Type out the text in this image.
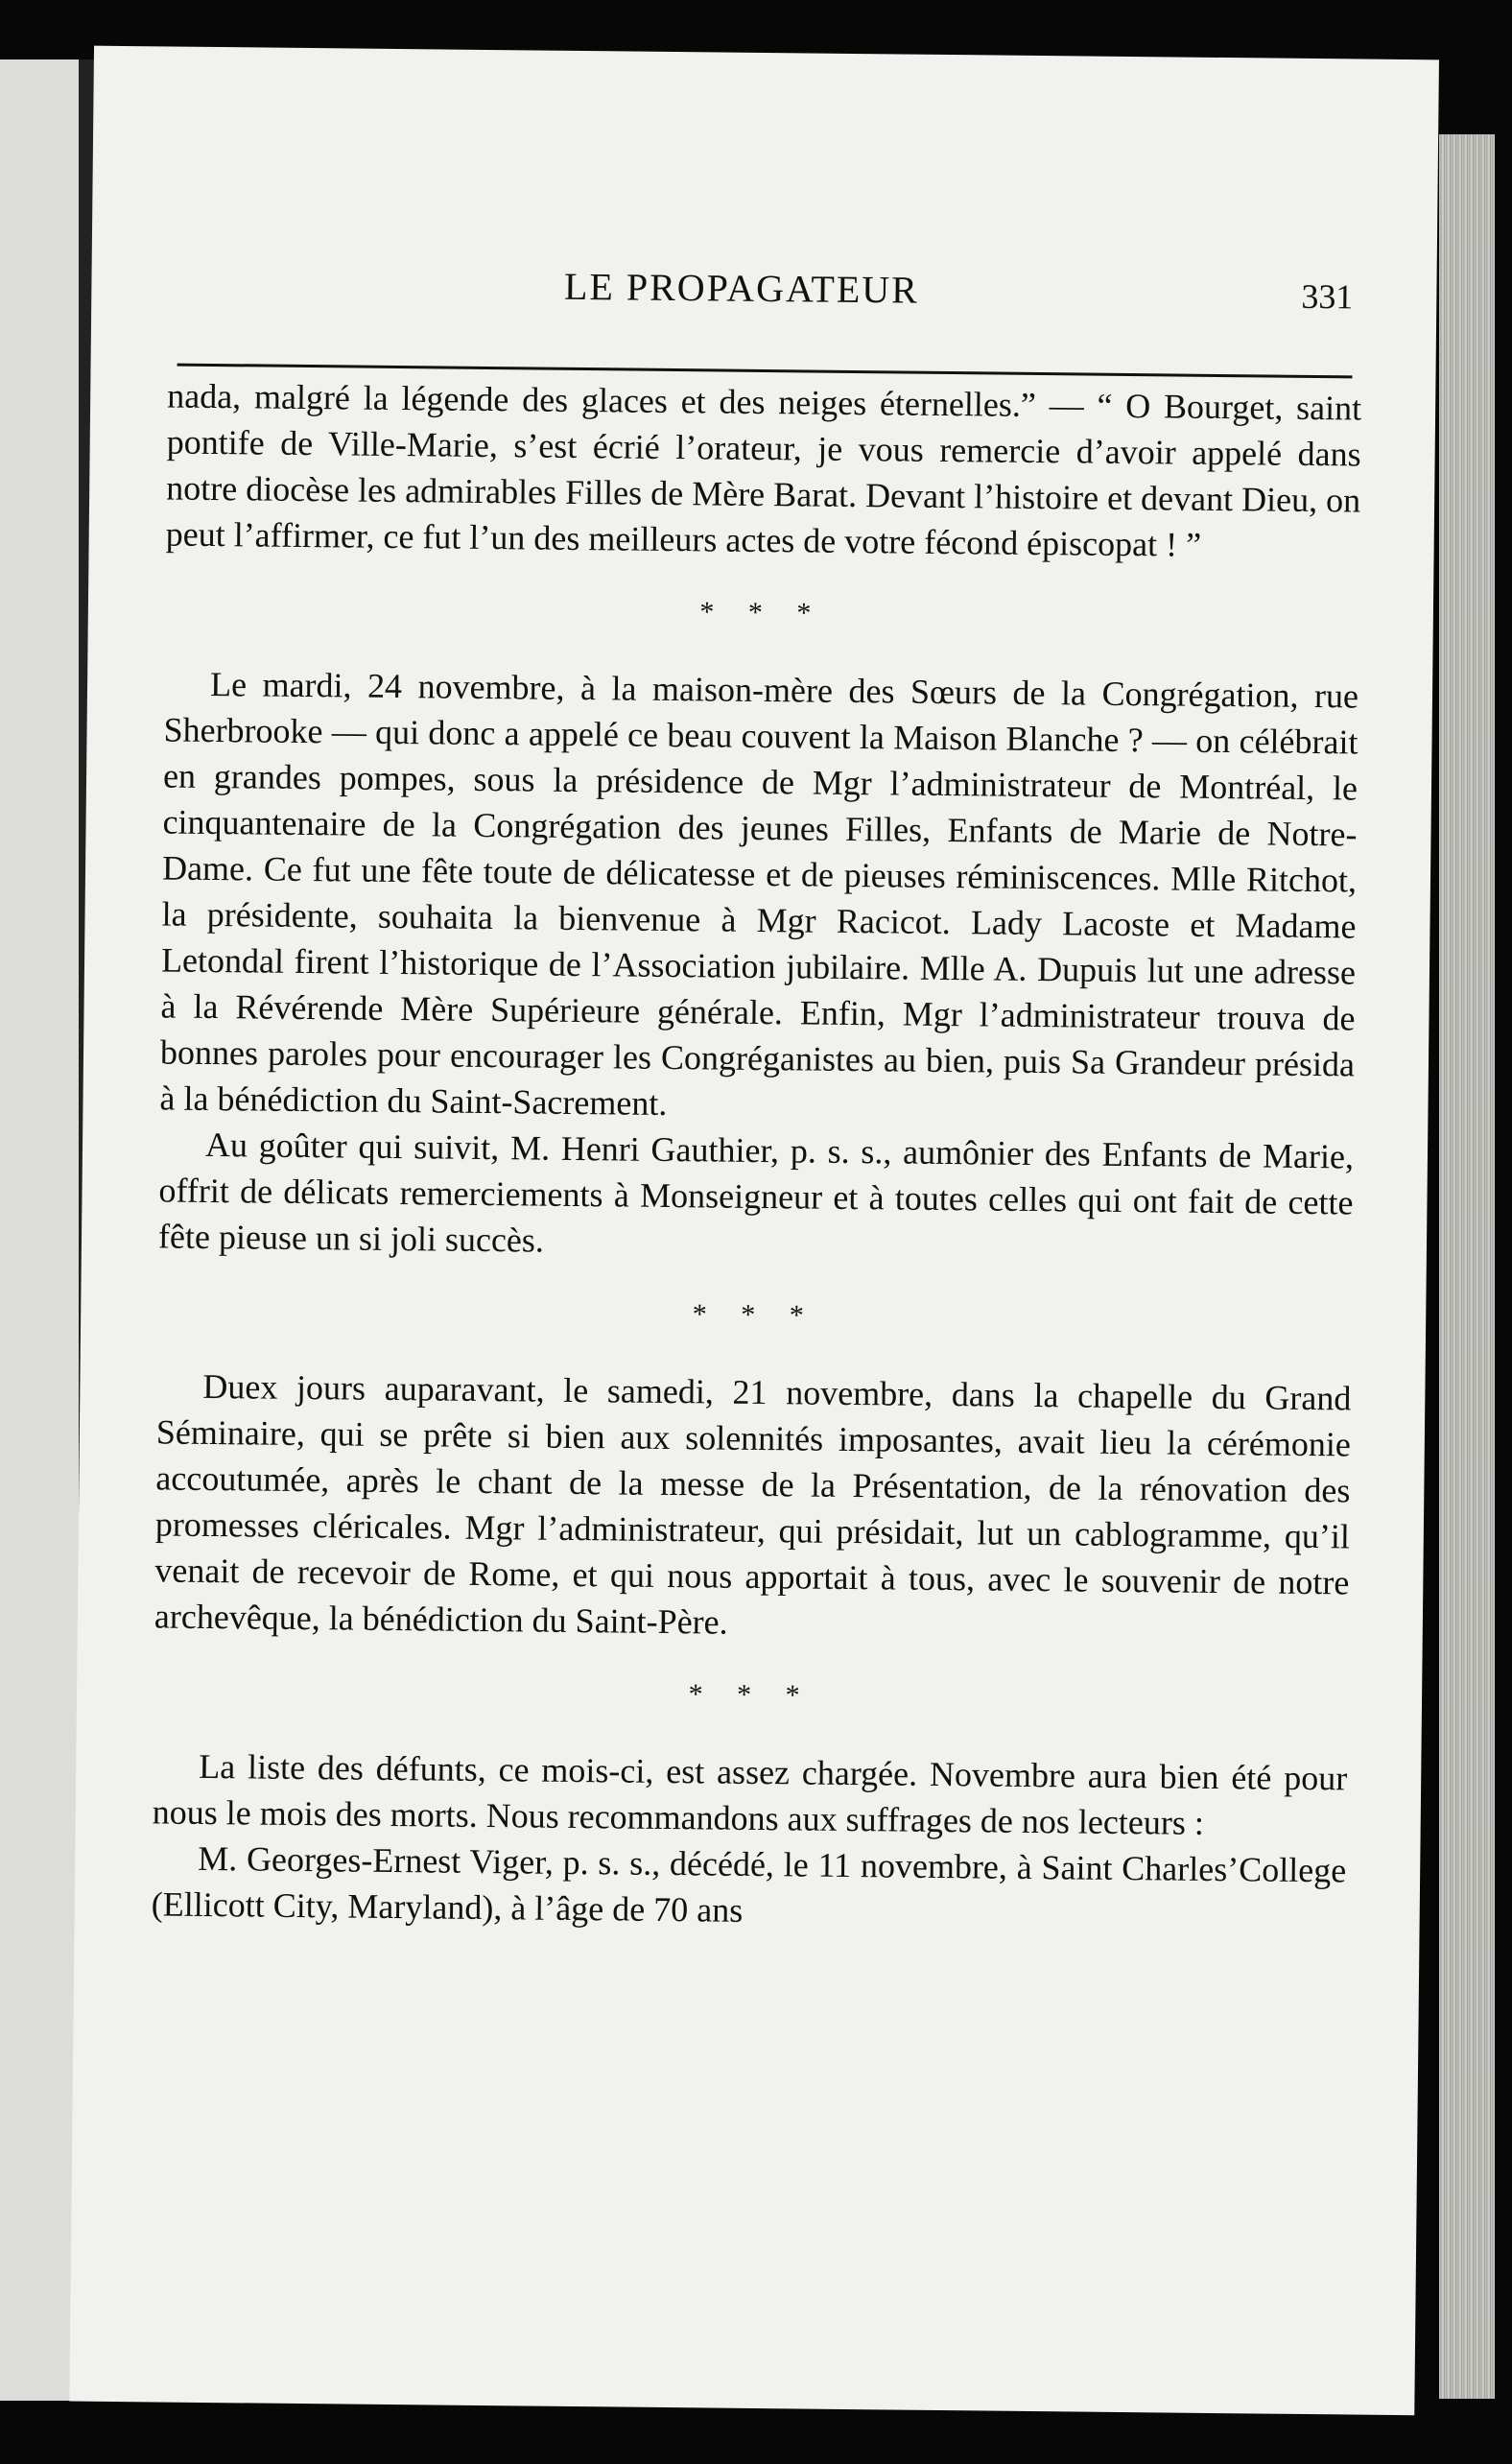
LE PROPAGATEUR	331

nada, malgré la légende des glaces et des neiges éternelles.” — “ O Bourget, saint pontife de Ville-Marie, s’est écrié l’orateur, je vous remercie d’avoir appelé dans notre diocèse les admirables Filles de Mère Barat. Devant l’histoire et devant Dieu, on peut l’affirmer, ce fut l’un des meilleurs actes de votre fécond épiscopat ! ”

* * *

Le mardi, 24 novembre, à la maison-mère des Sœurs de la Congrégation, rue Sherbrooke — qui donc a appelé ce beau couvent la Maison Blanche ? — on célébrait en grandes pompes, sous la présidence de Mgr l’administrateur de Montréal, le cinquantenaire de la Congrégation des jeunes Filles, Enfants de Marie de Notre-Dame. Ce fut une fête toute de délicatesse et de pieuses réminiscences. Mlle Ritchot, la présidente, souhaita la bienvenue à Mgr Racicot. Lady Lacoste et Madame Letondal firent l’historique de l’Association jubilaire. Mlle A. Dupuis lut une adresse à la Révérende Mère Supérieure générale. Enfin, Mgr l’administrateur trouva de bonnes paroles pour encourager les Congréganistes au bien, puis Sa Grandeur présida à la bénédiction du Saint-Sacrement.

Au goûter qui suivit, M. Henri Gauthier, p. s. s., aumônier des Enfants de Marie, offrit de délicats remerciements à Monseigneur et à toutes celles qui ont fait de cette fête pieuse un si joli succès.

* * *

Duex jours auparavant, le samedi, 21 novembre, dans la chapelle du Grand Séminaire, qui se prête si bien aux solennités imposantes, avait lieu la cérémonie accoutumée, après le chant de la messe de la Présentation, de la rénovation des promesses cléricales. Mgr l’administrateur, qui présidait, lut un cablogramme, qu’il venait de recevoir de Rome, et qui nous apportait à tous, avec le souvenir de notre archevêque, la bénédiction du Saint-Père.

* * *

La liste des défunts, ce mois-ci, est assez chargée. Novembre aura bien été pour nous le mois des morts. Nous recommandons aux suffrages de nos lecteurs :

M. Georges-Ernest Viger, p. s. s., décédé, le 11 novembre, à Saint Charles’College (Ellicott City, Maryland), à l’âge de 70 ans
